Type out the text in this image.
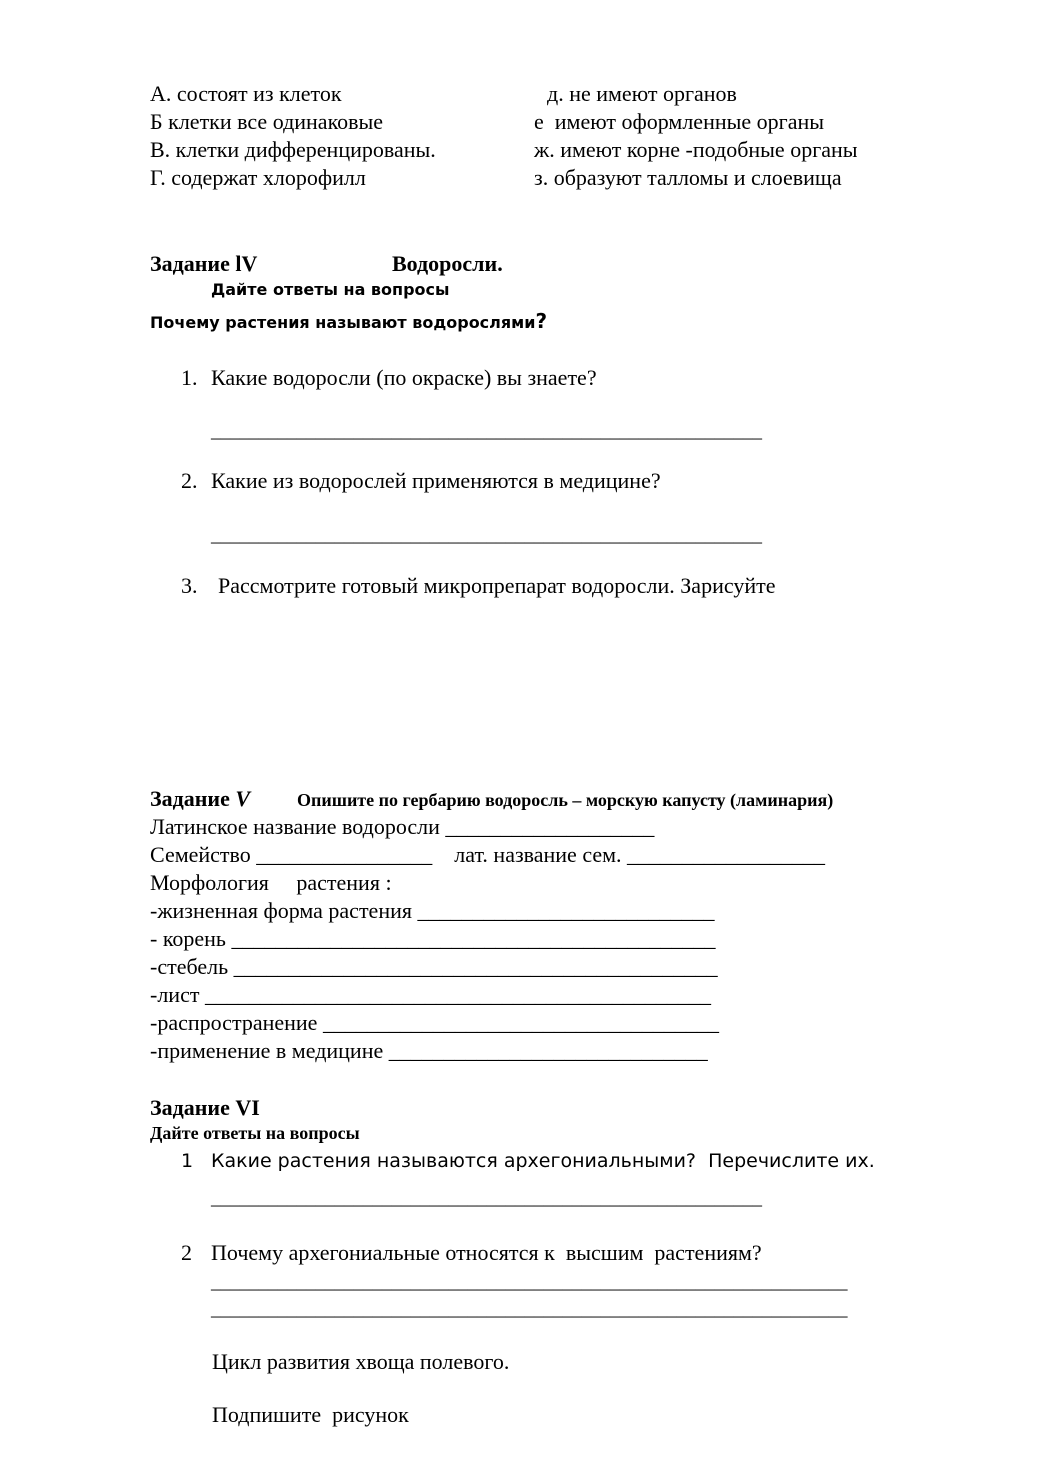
А. состоят из клеток
Б клетки все одинаковые
В. клетки дифференцированы.
Г. содержат хлорофилл
д. не имеют органов
е  имеют оформленные органы
ж. имеют корне -подобные органы
з. образуют талломы и слоевища
Задание lV	Водоросли.
Дайте ответы на вопросы
Почему растения называют водорослями?
1. Какие водоросли (по окраске) вы знаете?
__________________________________________________________
2. Какие из водорослей применяются в медицине?
__________________________________________________________
3. Рассмотрите готовый микропрепарат водоросли. Зарисуйте
Задание V	Опишите по гербарию водоросль – морскую капусту (ламинария)
Латинское название водоросли ___________________
Семейство ________________    лат. название сем. __________________
Морфология     растения :
-жизненная форма растения ___________________________
- корень ____________________________________________
-стебель ____________________________________________
-лист ______________________________________________
-распространение ____________________________________
-применение в медицине _____________________________
Задание VI
Дайте ответы на вопросы
1 Какие растения называются архегониальными?  Перечислите их.
__________________________________________________________
2 Почему архегониальные относятся к  высшим  растениям?
___________________________________________________________________
___________________________________________________________________
Цикл развития хвоща полевого.
Подпишите  рисунок
